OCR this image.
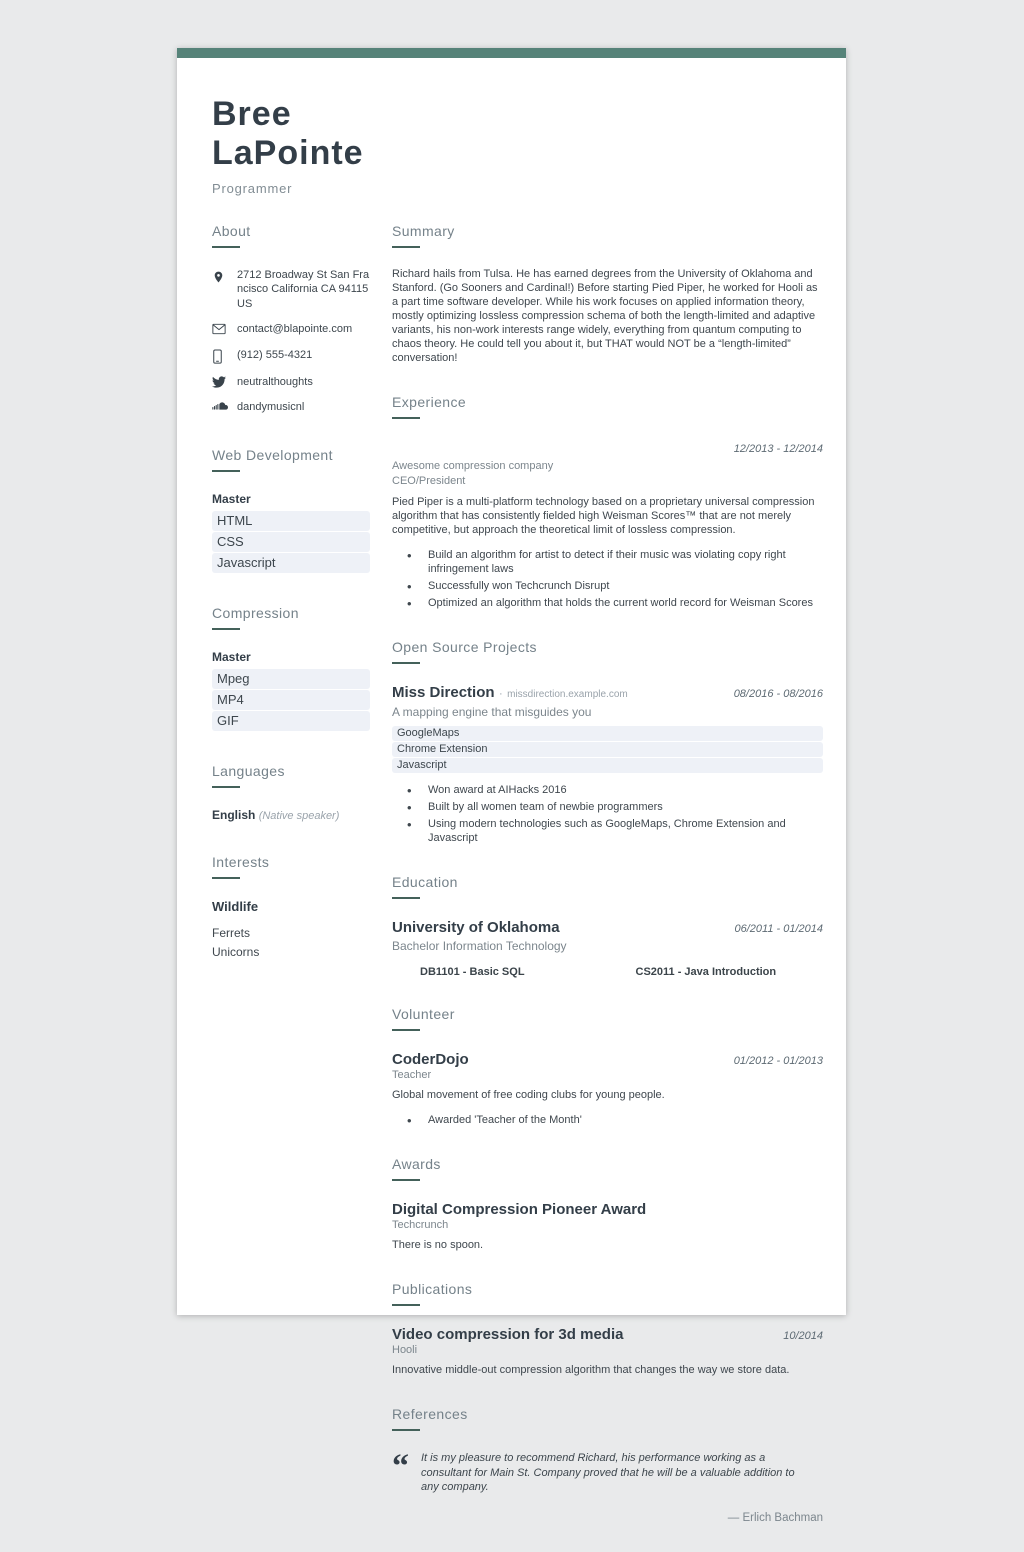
Bree LaPointe
Programmer
About
2712 Broadway St San Francisco California CA 94115 US
contact@blapointe.com
(912) 555-4321
neutralthoughts
dandymusicnl
Web Development
Master
HTML
CSS
Javascript
Compression
Master
Mpeg
MP4
GIF
Languages
English (Native speaker)
Interests
Wildlife
Ferrets
Unicorns
Summary
Richard hails from Tulsa. He has earned degrees from the University of Oklahoma and Stanford. (Go Sooners and Cardinal!) Before starting Pied Piper, he worked for Hooli as a part time software developer. While his work focuses on applied information theory, mostly optimizing lossless compression schema of both the length-limited and adaptive variants, his non-work interests range widely, everything from quantum computing to chaos theory. He could tell you about it, but THAT would NOT be a “length-limited” conversation!
Experience
12/2013 - 12/2014
Awesome compression company
CEO/President
Pied Piper is a multi-platform technology based on a proprietary universal compression algorithm that has consistently fielded high Weisman Scores™ that are not merely competitive, but approach the theoretical limit of lossless compression.
• Build an algorithm for artist to detect if their music was violating copy right infringement laws
• Successfully won Techcrunch Disrupt
• Optimized an algorithm that holds the current world record for Weisman Scores
Open Source Projects
Miss Direction · missdirection.example.com	08/2016 - 08/2016
A mapping engine that misguides you
GoogleMaps
Chrome Extension
Javascript
• Won award at AIHacks 2016
• Built by all women team of newbie programmers
• Using modern technologies such as GoogleMaps, Chrome Extension and Javascript
Education
University of Oklahoma	06/2011 - 01/2014
Bachelor Information Technology
DB1101 - Basic SQL	CS2011 - Java Introduction
Volunteer
CoderDojo	01/2012 - 01/2013
Teacher
Global movement of free coding clubs for young people.
• Awarded 'Teacher of the Month'
Awards
Digital Compression Pioneer Award
Techcrunch
There is no spoon.
Publications
Video compression for 3d media	10/2014
Hooli
Innovative middle-out compression algorithm that changes the way we store data.
References
“ It is my pleasure to recommend Richard, his performance working as a consultant for Main St. Company proved that he will be a valuable addition to any company.
— Erlich Bachman
